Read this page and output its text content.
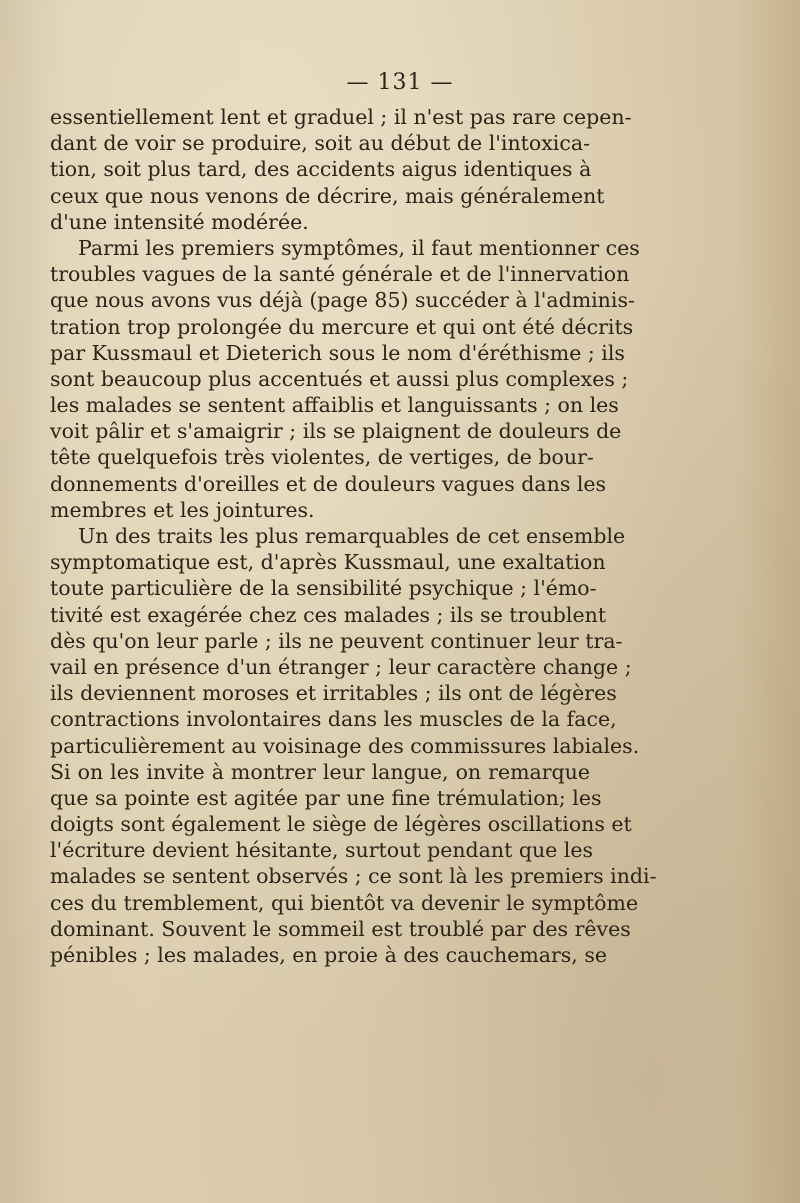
— 131 —
essentiellement lent et graduel ; il n'est pas rare cepen-
dant de voir se produire, soit au début de l'intoxica-
tion, soit plus tard, des accidents aigus identiques à
ceux que nous venons de décrire, mais généralement
d'une intensité modérée.
Parmi les premiers symptômes, il faut mentionner ces
troubles vagues de la santé générale et de l'innervation
que nous avons vus déjà (page 85) succéder à l'adminis-
tration trop prolongée du mercure et qui ont été décrits
par Kussmaul et Dieterich sous le nom d'éréthisme ; ils
sont beaucoup plus accentués et aussi plus complexes ;
les malades se sentent affaiblis et languissants ; on les
voit pâlir et s'amaigrir ; ils se plaignent de douleurs de
tête quelquefois très violentes, de vertiges, de bour-
donnements d'oreilles et de douleurs vagues dans les
membres et les jointures.
Un des traits les plus remarquables de cet ensemble
symptomatique est, d'après Kussmaul, une exaltation
toute particulière de la sensibilité psychique ; l'émo-
tivité est exagérée chez ces malades ; ils se troublent
dès qu'on leur parle ; ils ne peuvent continuer leur tra-
vail en présence d'un étranger ; leur caractère change ;
ils deviennent moroses et irritables ; ils ont de légères
contractions involontaires dans les muscles de la face,
particulièrement au voisinage des commissures labiales.
Si on les invite à montrer leur langue, on remarque
que sa pointe est agitée par une fine trémulation; les
doigts sont également le siège de légères oscillations et
l'écriture devient hésitante, surtout pendant que les
malades se sentent observés ; ce sont là les premiers indi-
ces du tremblement, qui bientôt va devenir le symptôme
dominant. Souvent le sommeil est troublé par des rêves
pénibles ; les malades, en proie à des cauchemars, se
